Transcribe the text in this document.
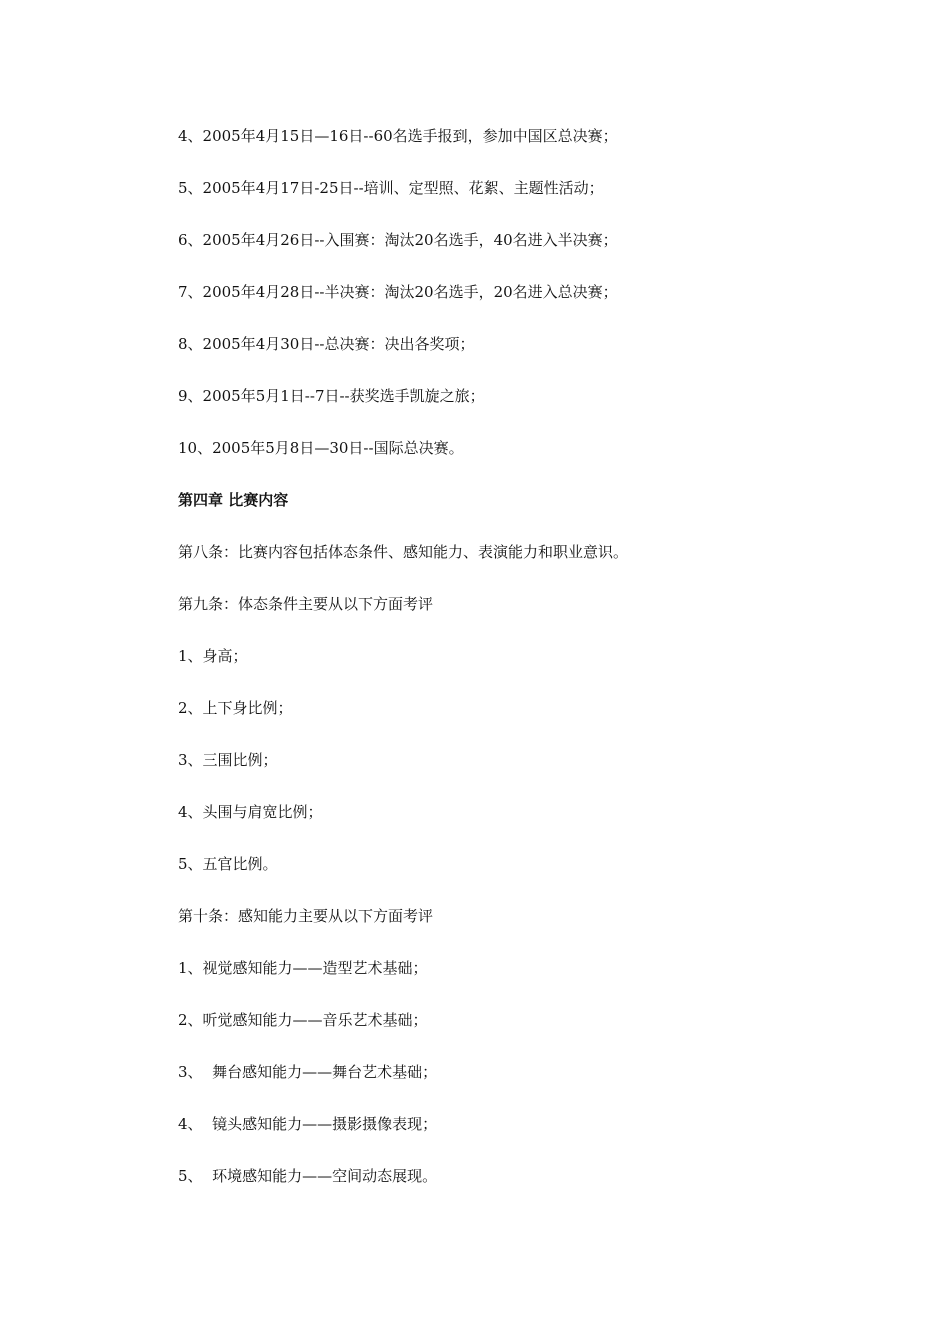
4、2005年4月15日—16日--60名选手报到，参加中国区总决赛；
5、2005年4月17日-25日--培训、定型照、花絮、主题性活动；
6、2005年4月26日--入围赛：淘汰20名选手，40名进入半决赛；
7、2005年4月28日--半决赛：淘汰20名选手，20名进入总决赛；
8、2005年4月30日--总决赛：决出各奖项；
9、2005年5月1日--7日--获奖选手凯旋之旅；
10、2005年5月8日—30日--国际总决赛。
第四章 比赛内容
第八条：比赛内容包括体态条件、感知能力、表演能力和职业意识。
第九条：体态条件主要从以下方面考评
1、身高；
2、上下身比例；
3、三围比例；
4、头围与肩宽比例；
5、五官比例。
第十条：感知能力主要从以下方面考评
1、视觉感知能力——造型艺术基础；
2、听觉感知能力——音乐艺术基础；
3、  舞台感知能力——舞台艺术基础；
4、  镜头感知能力——摄影摄像表现；
5、  环境感知能力——空间动态展现。
